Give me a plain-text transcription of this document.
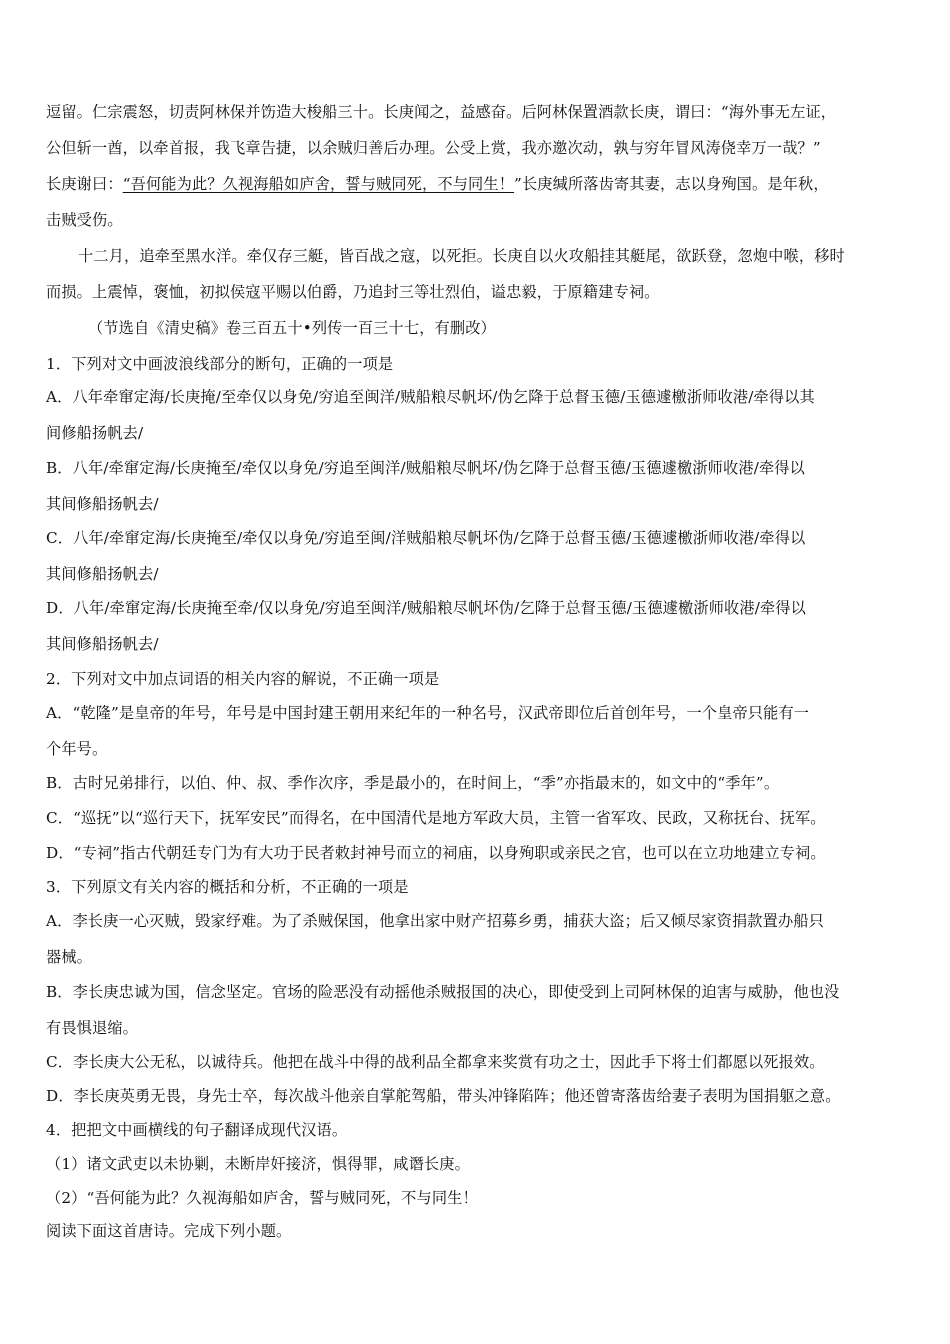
逗留。仁宗震怒，切责阿林保并饬造大梭船三十。长庚闻之，益感奋。后阿林保置酒款长庚，谓曰：“海外事无左证，
公但斩一酋，以牵首报，我飞章告捷，以余贼归善后办理。公受上赏，我亦邀次动，孰与穷年冒风涛侥幸万一哉？”
长庚谢曰：“吾何能为此？久视海船如庐舍，誓与贼同死，不与同生！”长庚缄所落齿寄其妻，志以身殉国。是年秋，
击贼受伤。
十二月，追牵至黑水洋。牵仅存三艇，皆百战之寇，以死拒。长庚自以火攻船挂其艇尾，欲跃登，忽炮中喉，移时
而损。上震悼，褒恤，初拟侯寇平赐以伯爵，乃追封三等壮烈伯，谥忠毅，于原籍建专祠。
（节选自《清史稿》卷三百五十•列传一百三十七，有删改）
1．下列对文中画波浪线部分的断句，正确的一项是
A．八年牵窜定海/长庚掩/至牵仅以身免/穷追至闽洋/贼船粮尽帆坏/伪乞降于总督玉德/玉德遽檄浙师收港/牵得以其
间修船扬帆去/
B．八年/牵窜定海/长庚掩至/牵仅以身免/穷追至闽洋/贼船粮尽帆坏/伪乞降于总督玉德/玉德遽檄浙师收港/牵得以
其间修船扬帆去/
C．八年/牵窜定海/长庚掩至/牵仅以身免/穷追至闽/洋贼船粮尽帆坏伪/乞降于总督玉德/玉德遽檄浙师收港/牵得以
其间修船扬帆去/
D．八年/牵窜定海/长庚掩至牵/仅以身免/穷追至闽洋/贼船粮尽帆坏伪/乞降于总督玉德/玉德遽檄浙师收港/牵得以
其间修船扬帆去/
2．下列对文中加点词语的相关内容的解说，不正确一项是
A．“乾隆”是皇帝的年号，年号是中国封建王朝用来纪年的一种名号，汉武帝即位后首创年号，一个皇帝只能有一
个年号。
B．古时兄弟排行，以伯、仲、叔、季作次序，季是最小的，在时间上，“季”亦指最末的，如文中的“季年”。
C．“巡抚”以“巡行天下，抚军安民”而得名，在中国清代是地方军政大员，主管一省军攻、民政，又称抚台、抚军。
D．“专祠”指古代朝廷专门为有大功于民者敕封神号而立的祠庙，以身殉职或亲民之官，也可以在立功地建立专祠。
3．下列原文有关内容的概括和分析，不正确的一项是
A．李长庚一心灭贼，毁家纾难。为了杀贼保国，他拿出家中财产招募乡勇，捕获大盗；后又倾尽家资捐款置办船只
器械。
B．李长庚忠诚为国，信念坚定。官场的险恶没有动摇他杀贼报国的决心，即使受到上司阿林保的迫害与威胁，他也没
有畏惧退缩。
C．李长庚大公无私，以诚待兵。他把在战斗中得的战利品全都拿来奖赏有功之士，因此手下将士们都愿以死报效。
D．李长庚英勇无畏，身先士卒，每次战斗他亲自掌舵驾船，带头冲锋陷阵；他还曾寄落齿给妻子表明为国捐躯之意。
4．把把文中画横线的句子翻译成现代汉语。
（1）诸文武吏以未协剿，未断岸奸接济，惧得罪，咸谮长庚。
（2）“吾何能为此？久视海船如庐舍，誓与贼同死，不与同生！
阅读下面这首唐诗。完成下列小题。
